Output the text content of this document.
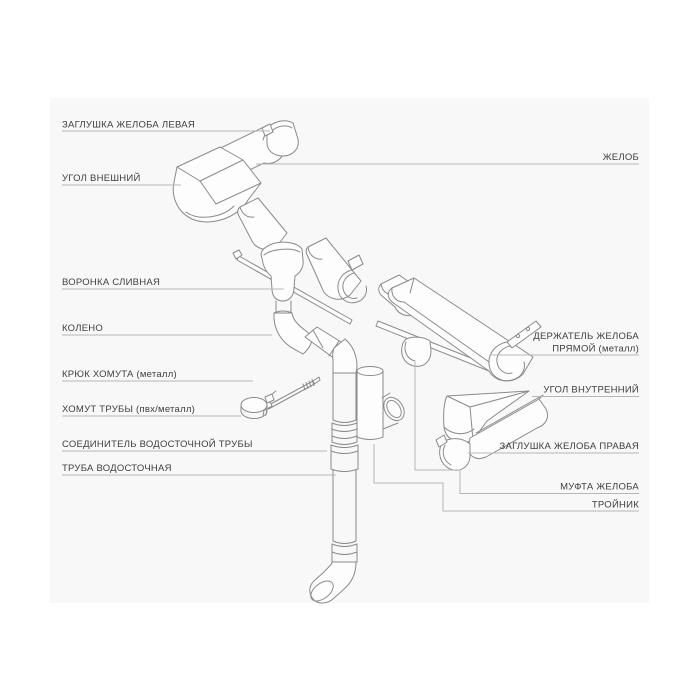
ЗАГЛУШКА ЖЕЛОБА ЛЕВАЯ
УГОЛ ВНЕШНИЙ
ВОРОНКА СЛИВНАЯ
КОЛЕНО
КРЮК ХОМУТА (металл)
ХОМУТ ТРУБЫ (пвх/металл)
СОЕДИНИТЕЛЬ ВОДОСТОЧНОЙ ТРУБЫ
ТРУБА ВОДОСТОЧНАЯ
ЖЕЛОБ
ДЕРЖАТЕЛЬ ЖЕЛОБА
ПРЯМОЙ (металл)
УГОЛ ВНУТРЕННИЙ
ЗАГЛУШКА ЖЕЛОБА ПРАВАЯ
МУФТА ЖЕЛОБА
ТРОЙНИК
